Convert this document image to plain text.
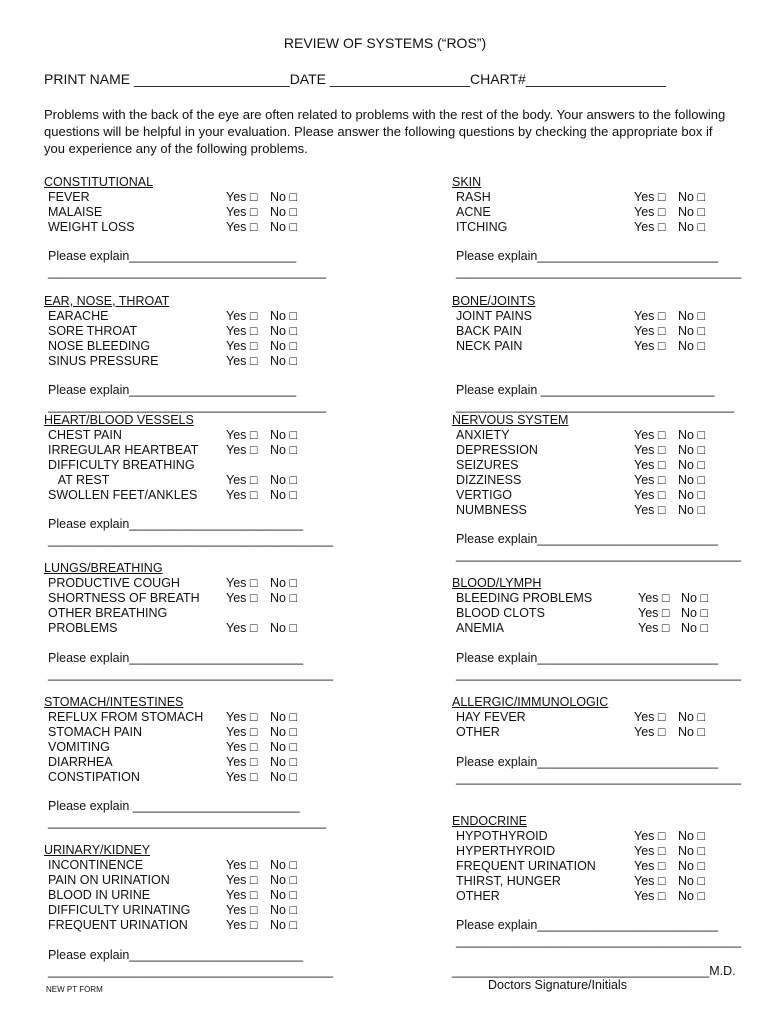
REVIEW OF SYSTEMS (“ROS”)
PRINT NAME ____________________DATE __________________CHART#__________________
Problems with the back of the eye are often related to problems with the rest of the body. Your answers to the following questions will be helpful in your evaluation. Please answer the following questions by checking the appropriate box if you experience any of the following problems.
CONSTITUTIONAL
FEVER	Yes □ No □
MALAISE	Yes □ No □
WEIGHT LOSS	Yes □ No □
Please explain________________________
________________________________________
SKIN
RASH	Yes □ No □
ACNE	Yes □ No □
ITCHING	Yes □ No □
Please explain__________________________
_________________________________________
EAR, NOSE, THROAT
EARACHE	Yes □ No □
SORE THROAT	Yes □ No □
NOSE BLEEDING	Yes □ No □
SINUS PRESSURE	Yes □ No □
Please explain________________________
________________________________________
BONE/JOINTS
JOINT PAINS	Yes □ No □
BACK PAIN	Yes □ No □
NECK PAIN	Yes □ No □
Please explain _________________________
________________________________________
HEART/BLOOD VESSELS
CHEST PAIN	Yes □ No □
IRREGULAR HEARTBEAT Yes □ No □
DIFFICULTY BREATHING
AT REST	Yes □ No □
SWOLLEN FEET/ANKLES Yes □ No □
Please explain_________________________
_________________________________________
NERVOUS SYSTEM
ANXIETY	Yes □ No □
DEPRESSION	Yes □ No □
SEIZURES	Yes □ No □
DIZZINESS	Yes □ No □
VERTIGO	Yes □ No □
NUMBNESS	Yes □ No □
Please explain__________________________
_________________________________________
LUNGS/BREATHING
PRODUCTIVE COUGH	Yes □ No □
SHORTNESS OF BREATH Yes □ No □
OTHER BREATHING
PROBLEMS	Yes □ No □
Please explain_________________________
_________________________________________
BLOOD/LYMPH
BLEEDING PROBLEMS	Yes □ No □
BLOOD CLOTS	Yes □ No □
ANEMIA	Yes □ No □
Please explain__________________________
_________________________________________
STOMACH/INTESTINES
REFLUX FROM STOMACH Yes □ No □
STOMACH PAIN	Yes □ No □
VOMITING	Yes □ No □
DIARRHEA	Yes □ No □
CONSTIPATION	Yes □ No □
Please explain ________________________
________________________________________
ALLERGIC/IMMUNOLOGIC
HAY FEVER	Yes □ No □
OTHER	Yes □ No □
Please explain__________________________
_________________________________________
ENDOCRINE
HYPOTHYROID	Yes □ No □
HYPERTHYROID	Yes □ No □
FREQUENT URINATION	Yes □ No □
THIRST, HUNGER	Yes □ No □
OTHER	Yes □ No □
Please explain__________________________
_________________________________________
URINARY/KIDNEY
INCONTINENCE	Yes □ No □
PAIN ON URINATION	Yes □ No □
BLOOD IN URINE	Yes □ No □
DIFFICULTY URINATING	Yes □ No □
FREQUENT URINATION	Yes □ No □
Please explain_________________________
_________________________________________	_____________________________________M.D.
Doctors Signature/Initials
NEW PT FORM
